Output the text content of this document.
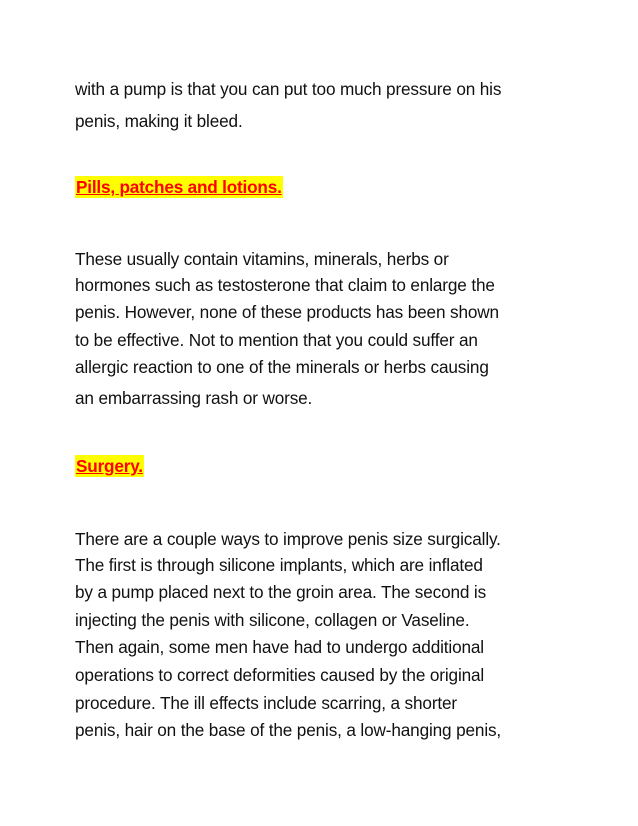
with a pump is that you can put too much pressure on his
penis, making it bleed.
Pills, patches and lotions.
These usually contain vitamins, minerals, herbs or
hormones such as testosterone that claim to enlarge the
penis. However, none of these products has been shown
to be effective. Not to mention that you could suffer an
allergic reaction to one of the minerals or herbs causing
an embarrassing rash or worse.
Surgery.
There are a couple ways to improve penis size surgically.
The first is through silicone implants, which are inflated
by a pump placed next to the groin area. The second is
injecting the penis with silicone, collagen or Vaseline.
Then again, some men have had to undergo additional
operations to correct deformities caused by the original
procedure. The ill effects include scarring, a shorter
penis, hair on the base of the penis, a low-hanging penis,
